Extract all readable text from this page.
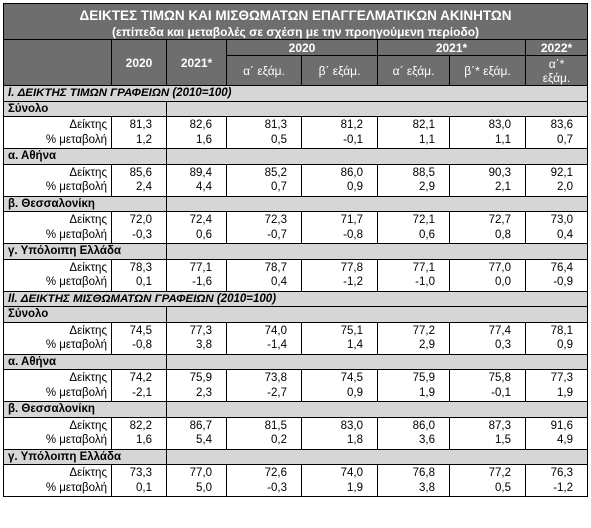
ΔΕΙΚΤΕΣ ΤΙΜΩΝ ΚΑΙ ΜΙΣΘΩΜΑΤΩΝ ΕΠΑΓΓΕΛΜΑΤΙΚΩΝ ΑΚΙΝΗΤΩΝ							
(επίπεδα και μεταβολές σε σχέση με την προηγούμενη περίοδο)							
	2020	2021*	2020		2021*		2022*
			α΄ εξάμ.	β΄ εξάμ.	α΄ εξάμ.	β΄* εξάμ.	α΄*
							εξάμ.
I. ΔΕΙΚΤΗΣ ΤΙΜΩΝ ΓΡΑΦΕΙΩΝ (2010=100)							
Σύνολο							
Δείκτης	81,3	82,6	81,3	81,2	82,1	83,0	83,6
% μεταβολή	1,2	1,6	0,5	-0,1	1,1	1,1	0,7
α. Αθήνα							
Δείκτης	85,6	89,4	85,2	86,0	88,5	90,3	92,1
% μεταβολή	2,4	4,4	0,7	0,9	2,9	2,1	2,0
β. Θεσσαλονίκη							
Δείκτης	72,0	72,4	72,3	71,7	72,1	72,7	73,0
% μεταβολή	-0,3	0,6	-0,7	-0,8	0,6	0,8	0,4
γ. Υπόλοιπη Ελλάδα							
Δείκτης	78,3	77,1	78,7	77,8	77,1	77,0	76,4
% μεταβολή	0,1	-1,6	0,4	-1,2	-1,0	0,0	-0,9
II. ΔΕΙΚΤΗΣ ΜΙΣΘΩΜΑΤΩΝ ΓΡΑΦΕΙΩΝ (2010=100)							
Σύνολο							
Δείκτης	74,5	77,3	74,0	75,1	77,2	77,4	78,1
% μεταβολή	-0,8	3,8	-1,4	1,4	2,9	0,3	0,9
α. Αθήνα							
Δείκτης	74,2	75,9	73,8	74,5	75,9	75,8	77,3
% μεταβολή	-2,1	2,3	-2,7	0,9	1,9	-0,1	1,9
β. Θεσσαλονίκη							
Δείκτης	82,2	86,7	81,5	83,0	86,0	87,3	91,6
% μεταβολή	1,6	5,4	0,2	1,8	3,6	1,5	4,9
γ. Υπόλοιπη Ελλάδα							
Δείκτης	73,3	77,0	72,6	74,0	76,8	77,2	76,3
% μεταβολή	0,1	5,0	-0,3	1,9	3,8	0,5	-1,2
